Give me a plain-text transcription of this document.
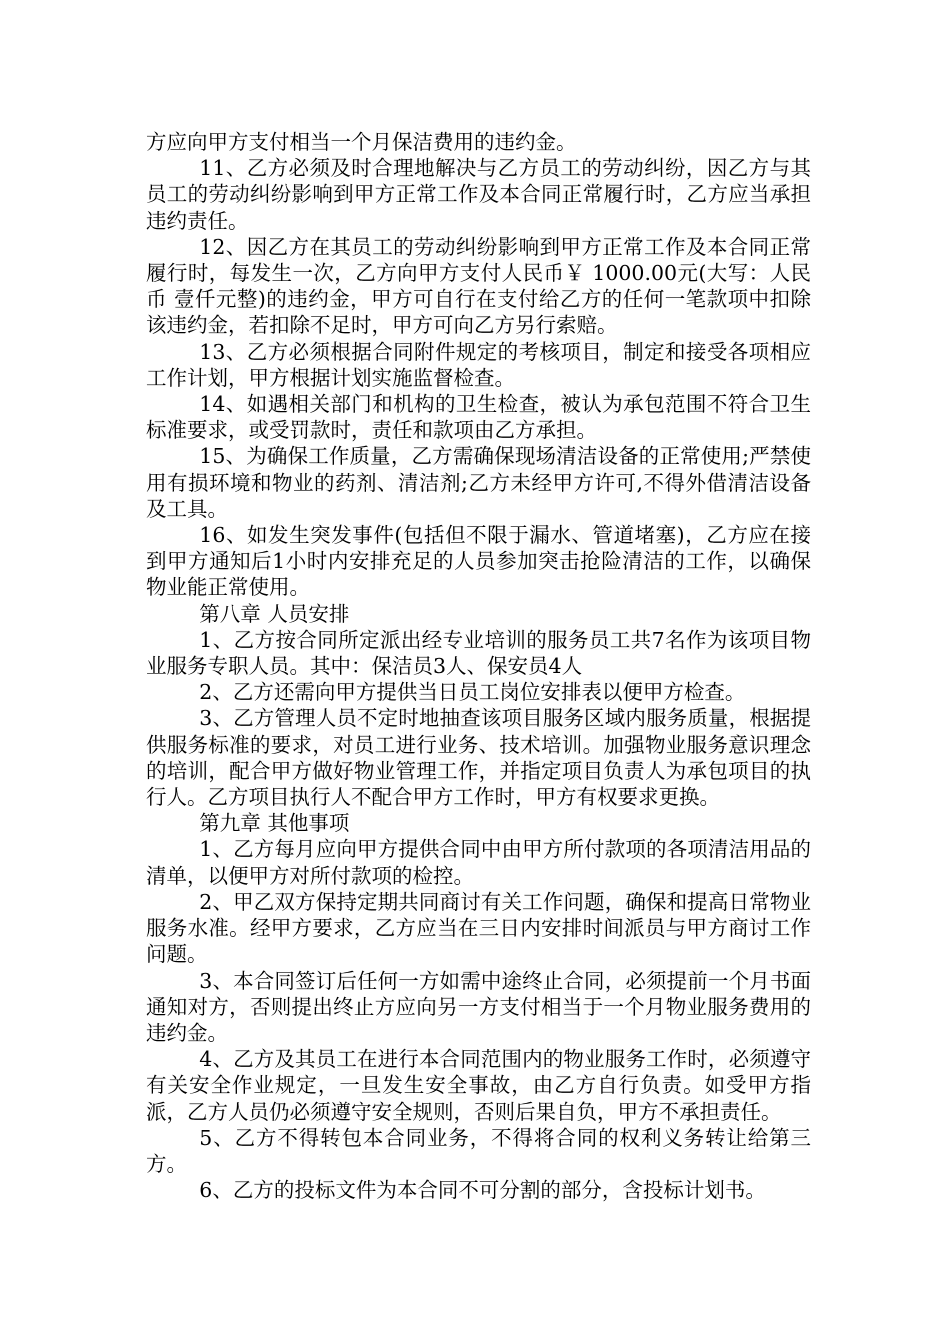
方应向甲方支付相当一个月保洁费用的违约金。

11、乙方必须及时合理地解决与乙方员工的劳动纠纷，因乙方与其员工的劳动纠纷影响到甲方正常工作及本合同正常履行时，乙方应当承担违约责任。

12、因乙方在其员工的劳动纠纷影响到甲方正常工作及本合同正常履行时，每发生一次，乙方向甲方支付人民币￥ 1000.00元(大写：人民币 壹仟元整)的违约金，甲方可自行在支付给乙方的任何一笔款项中扣除该违约金，若扣除不足时，甲方可向乙方另行索赔。

13、乙方必须根据合同附件规定的考核项目，制定和接受各项相应工作计划，甲方根据计划实施监督检查。

14、如遇相关部门和机构的卫生检查，被认为承包范围不符合卫生标准要求，或受罚款时，责任和款项由乙方承担。

15、为确保工作质量，乙方需确保现场清洁设备的正常使用;严禁使用有损环境和物业的药剂、清洁剂;乙方未经甲方许可,不得外借清洁设备及工具。

16、如发生突发事件(包括但不限于漏水、管道堵塞)，乙方应在接到甲方通知后1小时内安排充足的人员参加突击抢险清洁的工作，以确保物业能正常使用。

第八章 人员安排

1、乙方按合同所定派出经专业培训的服务员工共7名作为该项目物业服务专职人员。其中：保洁员3人、保安员4人

2、乙方还需向甲方提供当日员工岗位安排表以便甲方检查。

3、乙方管理人员不定时地抽查该项目服务区域内服务质量，根据提供服务标准的要求，对员工进行业务、技术培训。加强物业服务意识理念的培训，配合甲方做好物业管理工作，并指定项目负责人为承包项目的执行人。乙方项目执行人不配合甲方工作时，甲方有权要求更换。

第九章 其他事项

1、乙方每月应向甲方提供合同中由甲方所付款项的各项清洁用品的清单，以便甲方对所付款项的检控。

2、甲乙双方保持定期共同商讨有关工作问题，确保和提高日常物业服务水准。经甲方要求，乙方应当在三日内安排时间派员与甲方商讨工作问题。

3、本合同签订后任何一方如需中途终止合同，必须提前一个月书面通知对方，否则提出终止方应向另一方支付相当于一个月物业服务费用的违约金。

4、乙方及其员工在进行本合同范围内的物业服务工作时，必须遵守有关安全作业规定，一旦发生安全事故，由乙方自行负责。如受甲方指派，乙方人员仍必须遵守安全规则，否则后果自负，甲方不承担责任。

5、乙方不得转包本合同业务，不得将合同的权利义务转让给第三方。

6、乙方的投标文件为本合同不可分割的部分，含投标计划书。
